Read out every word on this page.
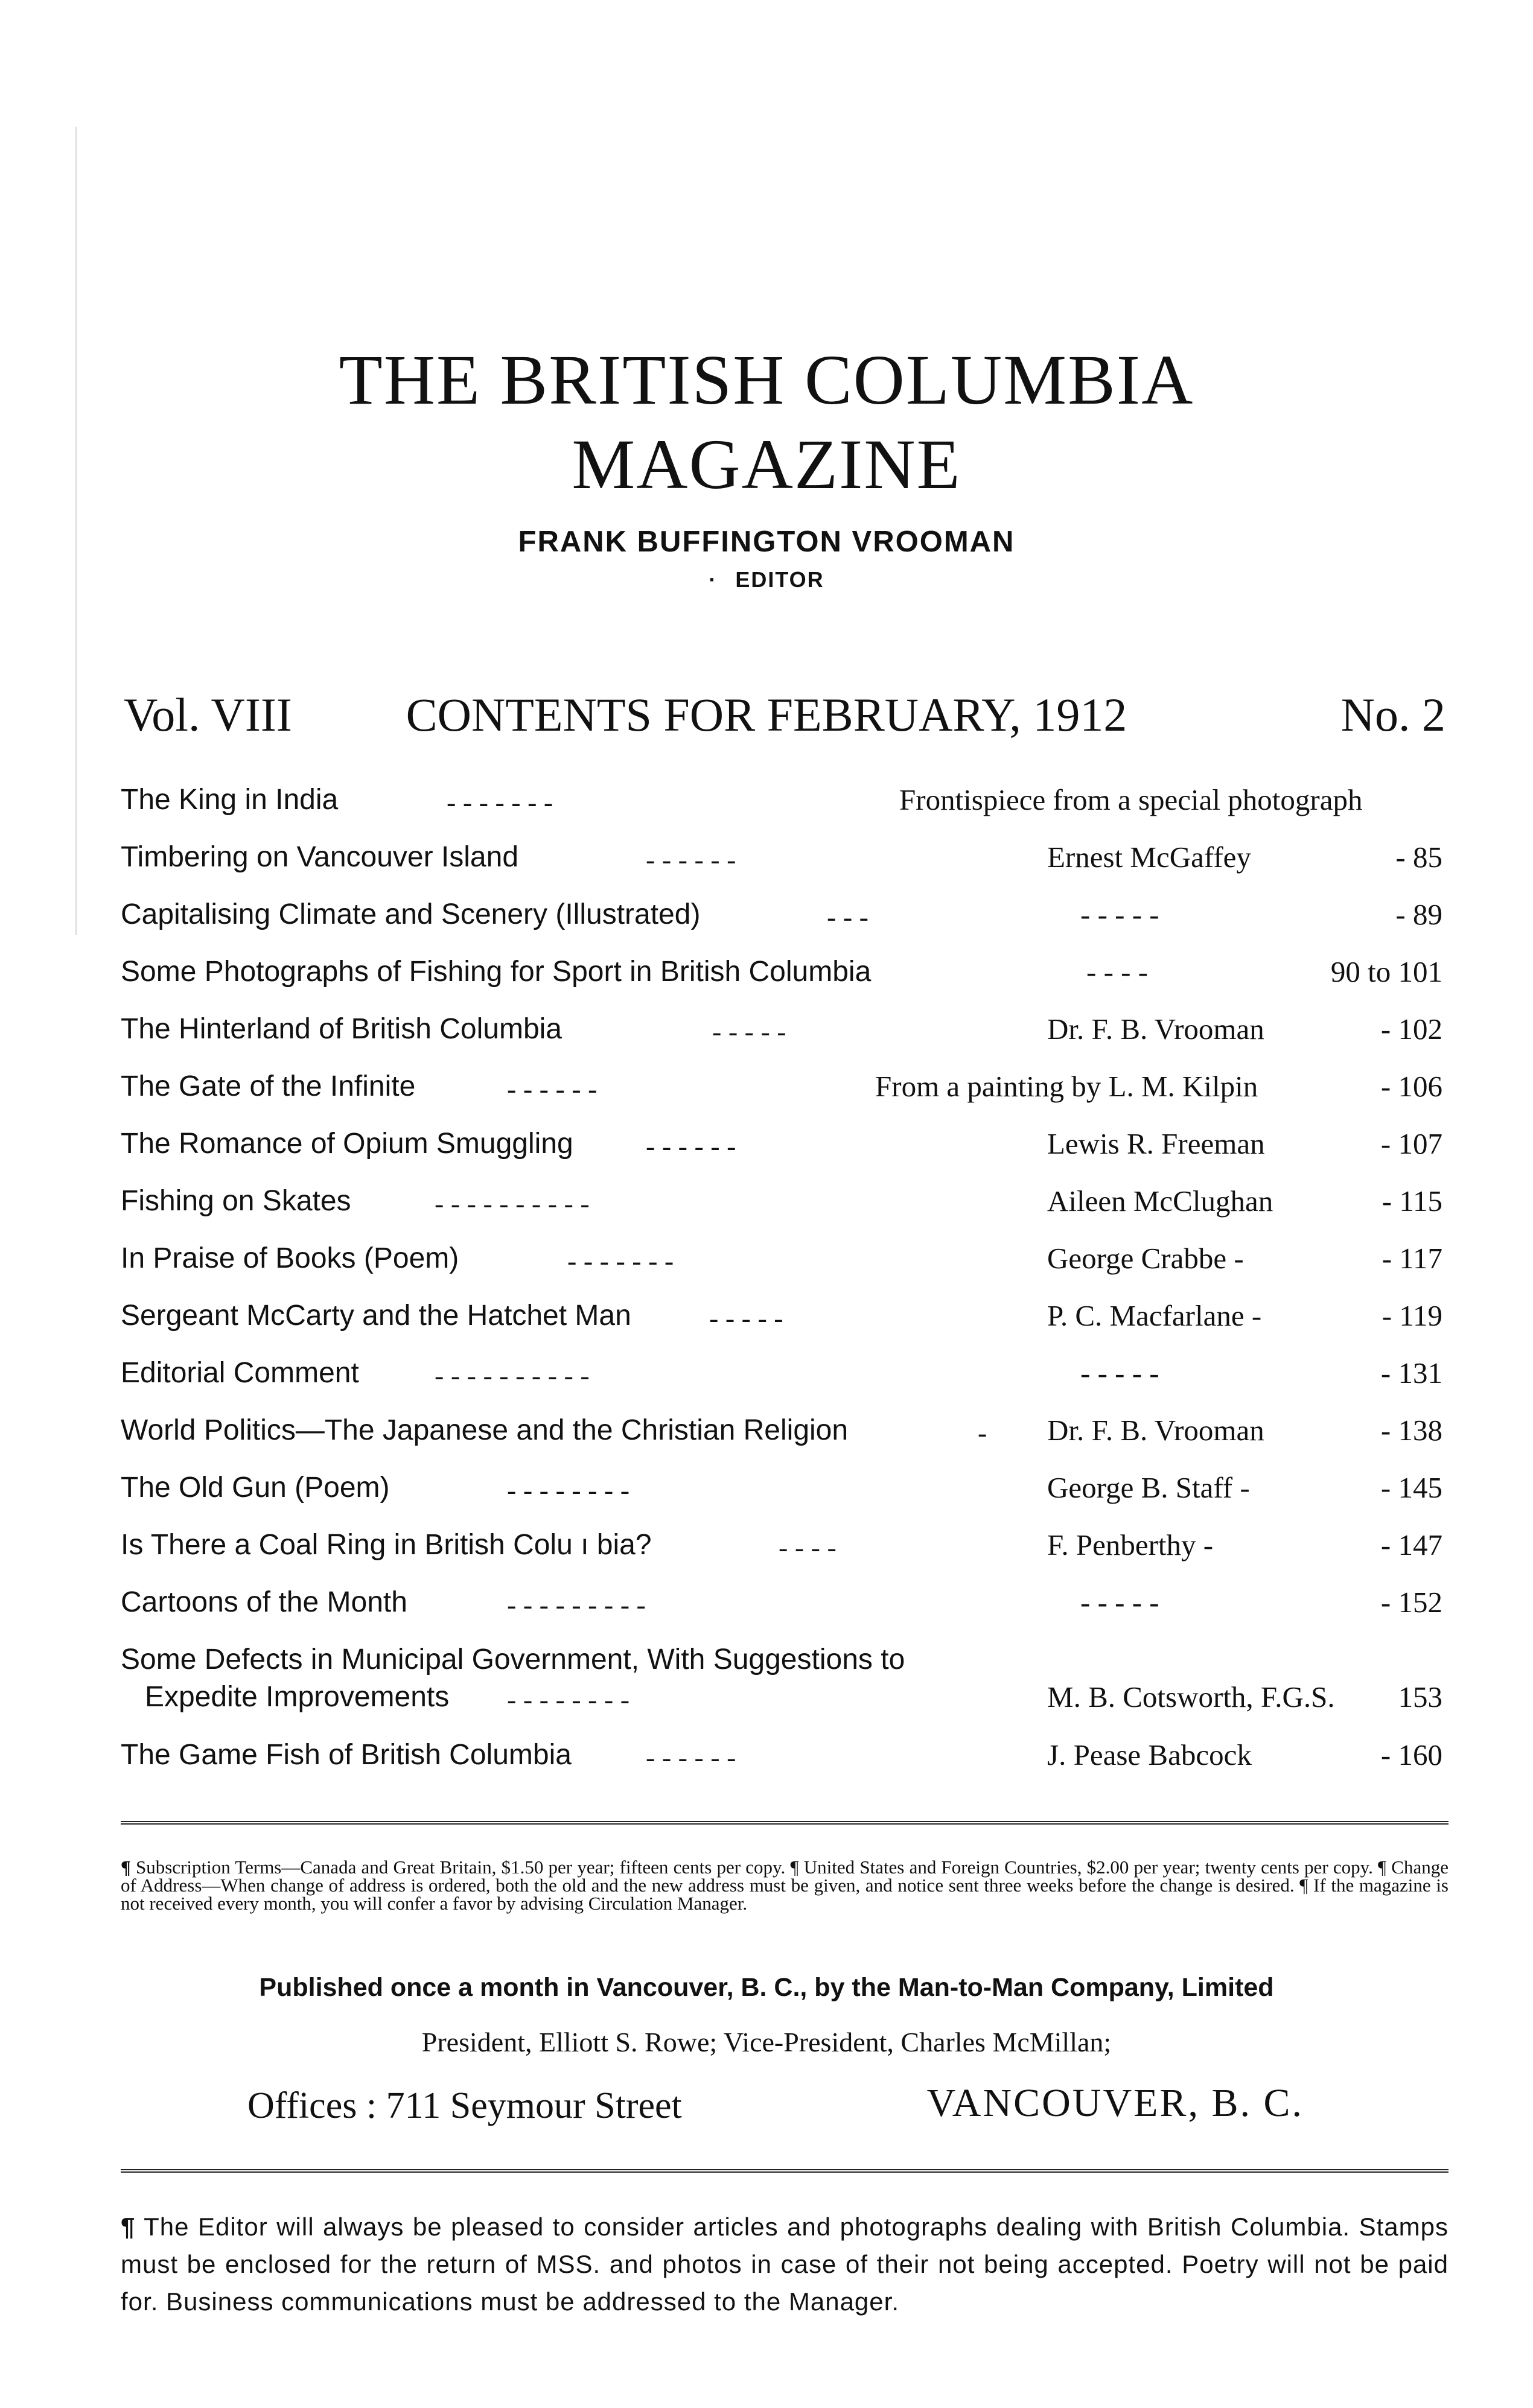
THE BRITISH COLUMBIA
MAGAZINE
FRANK BUFFINGTON VROOMAN
· EDITOR
Vol. VIII	CONTENTS FOR FEBRUARY, 1912	No. 2
The King in India	- - - - - - -	Frontispiece from a special photograph
Timbering on Vancouver Island	- - - - - -	Ernest McGaffey	- 85
Capitalising Climate and Scenery (Illustrated)	- - -	- - - - -	- 89
Some Photographs of Fishing for Sport in British Columbia	- - - -	90 to 101
The Hinterland of British Columbia	- - - - -	Dr. F. B. Vrooman	- 102
The Gate of the Infinite	- - - - - -	From a painting by L. M. Kilpin	- 106
The Romance of Opium Smuggling	- - - - - -	Lewis R. Freeman	- 107
Fishing on Skates	- - - - - - - - - -	Aileen McClughan	- 115
In Praise of Books (Poem)	- - - - - - -	George Crabbe -	- 117
Sergeant McCarty and the Hatchet Man	- - - - -	P. C. Macfarlane -	- 119
Editorial Comment	- - - - - - - - - -	- - - - -	- 131
World Politics—The Japanese and the Christian Religion	- Dr. F. B. Vrooman	- 138
The Old Gun (Poem)	- - - - - - - -	George B. Staff -	- 145
Is There a Coal Ring in British Colu ı bia?	- - - -	F. Penberthy -	- 147
Cartoons of the Month	- - - - - - - - -	- - - - -	- 152
Some Defects in Municipal Government, With Suggestions to
Expedite Improvements	- - - - - - - -	M. B. Cotsworth, F.G.S. 153
The Game Fish of British Columbia	- - - - - -	J. Pease Babcock	- 160
¶ Subscription Terms—Canada and Great Britain, $1.50 per year; fifteen cents per copy. ¶ United States and Foreign Countries, $2.00 per year; twenty cents per copy. ¶ Change of Address—When change of address is ordered, both the old and the new address must be given, and notice sent three weeks before the change is desired. ¶ If the magazine is not received every month, you will confer a favor by advising Circulation Manager.
Published once a month in Vancouver, B. C., by the Man-to-Man Company, Limited
President, Elliott S. Rowe; Vice-President, Charles McMillan;
Offices : 711 Seymour Street	VANCOUVER, B. C.
¶ The Editor will always be pleased to consider articles and photographs dealing with British Columbia. Stamps must be enclosed for the return of MSS. and photos in case of their not being accepted. Poetry will not be paid for. Business communications must be addressed to the Manager.
